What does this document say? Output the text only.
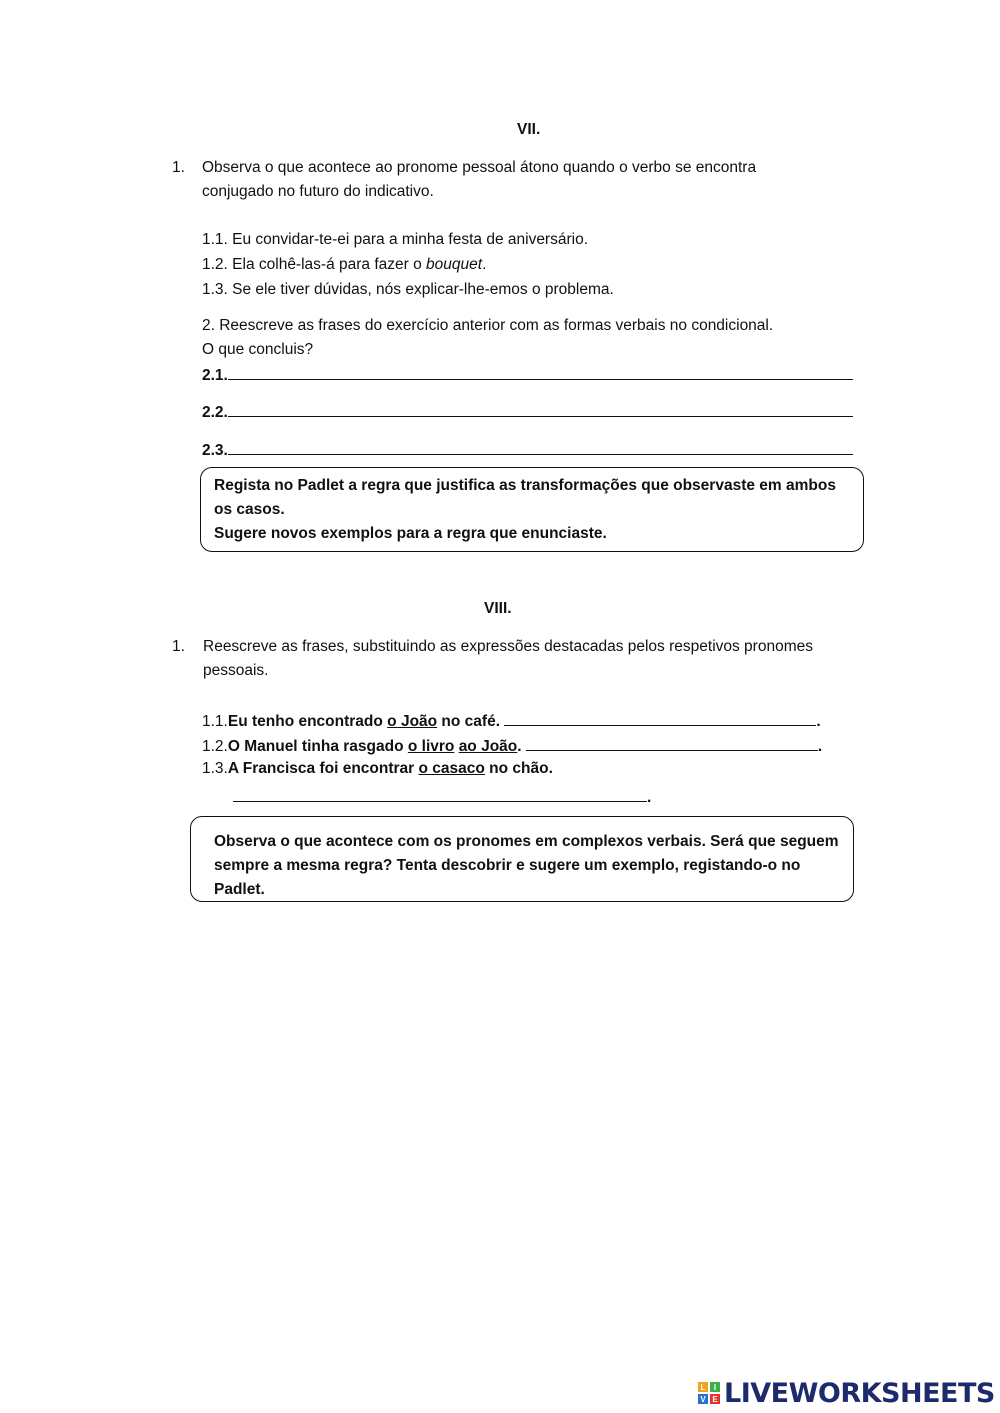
VII.
1. Observa o que acontece ao pronome pessoal átono quando o verbo se encontra
conjugado no futuro do indicativo.
1.1. Eu convidar-te-ei para a minha festa de aniversário.
1.2. Ela colhê-las-á para fazer o bouquet.
1.3. Se ele tiver dúvidas, nós explicar-lhe-emos o problema.
2. Reescreve as frases do exercício anterior com as formas verbais no condicional.
O que concluis?
2.1.
2.2.
2.3.
Regista no Padlet a regra que justifica as transformações que observaste em ambos
os casos.
Sugere novos exemplos para a regra que enunciaste.
VIII.
1. Reescreve as frases, substituindo as expressões destacadas pelos respetivos pronomes
pessoais.
1.1.Eu tenho encontrado o João no café.	.
1.2.O Manuel tinha rasgado o livro ao João.	.
1.3.A Francisca foi encontrar o casaco no chão.
.
Observa o que acontece com os pronomes em complexos verbais. Será que seguem
sempre a mesma regra? Tenta descobrir e sugere um exemplo, registando-o no
Padlet.
L	I
V E LIVEWORKSHEETS
